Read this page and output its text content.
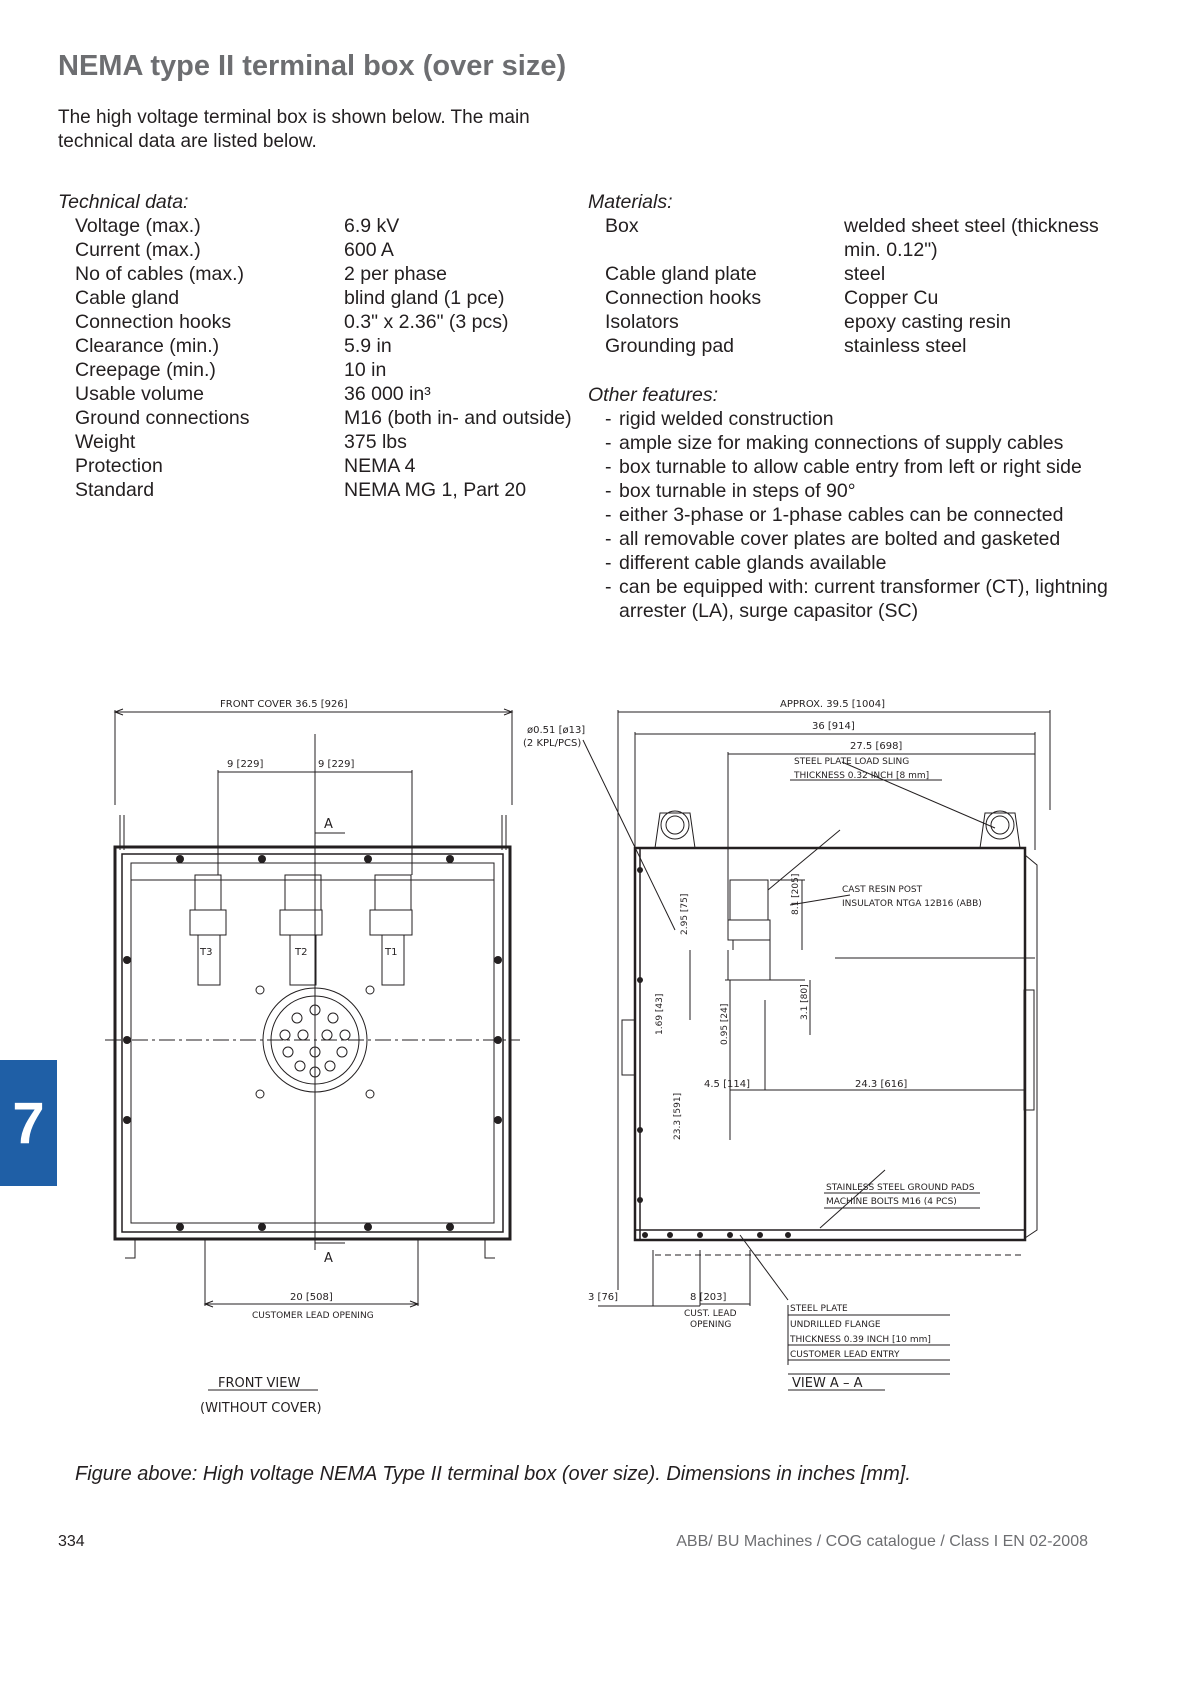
NEMA type II terminal box (over size)
The high voltage terminal box is shown below. The main technical data are listed below.
Technical data:
Voltage (max.)	6.9 kV
Current (max.)	600 A
No of cables (max.)	2 per phase
Cable gland	blind gland (1 pce)
Connection hooks	0.3" x 2.36" (3 pcs)
Clearance (min.)	5.9 in
Creepage (min.)	10 in
Usable volume	36 000 in³
Ground connections	M16 (both in- and outside)
Weight	375 lbs
Protection	NEMA 4
Standard	NEMA MG 1, Part 20
Materials:
Box	welded sheet steel (thickness min. 0.12")
Cable gland plate	steel
Connection hooks	Copper Cu
Isolators	epoxy casting resin
Grounding pad	stainless steel
Other features:
- rigid welded construction
- ample size for making connections of supply cables
- box turnable to allow cable entry from left or right side
- box turnable in steps of 90°
- either 3-phase or 1-phase cables can be connected
- all removable cover plates are bolted and gasketed
- different cable glands available
- can be equipped with: current transformer (CT), lightning arrester (LA), surge capasitor (SC)
7
FRONT COVER 36.5 [926]
9 [229]	9 [229]
A
A
T3	T2	T1
20 [508]
CUSTOMER LEAD OPENING
FRONT VIEW
(WITHOUT COVER)
ø0.51 [ø13]
(2 KPL/PCS)
APPROX. 39.5 [1004]
36 [914]
27.5 [698]
STEEL PLATE LOAD SLING
THICKNESS 0.32 INCH [8 mm]
CAST RESIN POST
INSULATOR NTGA 12B16 (ABB)
2.95 [75]	8.1 [205]
1.69 [43]	0.95 [24]
3.1 [80]
4.5 [114]	24.3 [616]
23.3 [591]
STAINLESS STEEL GROUND PADS
MACHINE BOLTS M16 (4 PCS)
3 [76]	8 [203]
CUST. LEAD
OPENING
STEEL PLATE
UNDRILLED FLANGE
THICKNESS 0.39 INCH [10 mm]
CUSTOMER LEAD ENTRY
VIEW A – A
Figure above: High voltage NEMA Type II terminal box (over size). Dimensions in inches [mm].
334	ABB/ BU Machines / COG catalogue / Class I EN 02-2008
